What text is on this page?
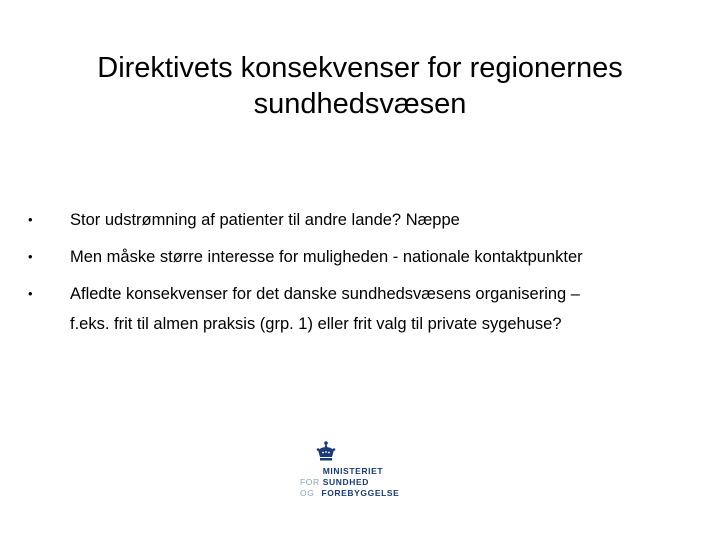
Direktivets konsekvenser for regionernes
sundhedsvæsen
• Stor udstrømning af patienter til andre lande? Næppe
• Men måske større interesse for muligheden - nationale kontaktpunkter
• Afledte konsekvenser for det danske sundhedsvæsens organisering –
f.eks. frit til almen praksis (grp. 1) eller frit valg til private sygehuse?
MINISTERIET
FOR SUNDHED
OG FOREBYGGELSE
